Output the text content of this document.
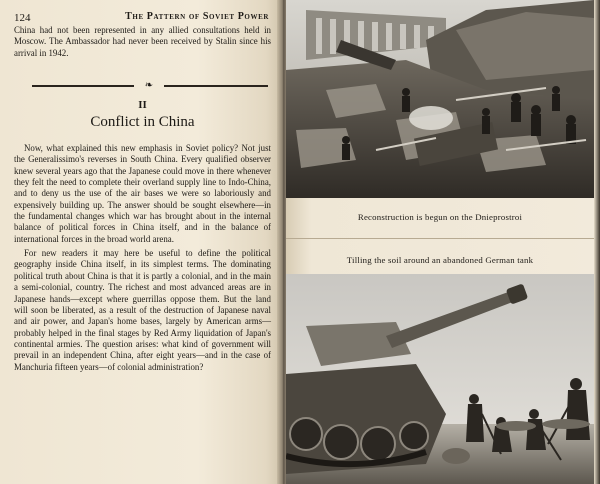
124	The Pattern of Soviet Power

China had not been represented in any allied consultations held in Moscow. The Ambassador had never been received by Stalin since his arrival in 1942.

❧
II
Conflict in China

Now, what explained this new emphasis in Soviet policy? Not just the Generalissimo's reverses in South China. Every qualified observer knew several years ago that the Japanese could move in there whenever they felt the need to complete their overland supply line to Indo-China, and to deny us the use of the air bases we were so laboriously and expensively building up. The answer should be sought elsewhere—in the fundamental changes which war has brought about in the internal balance of political forces in China itself, and in the balance of international forces in the broad world arena.

For new readers it may here be useful to define the political geography inside China itself, in its simplest terms. The dominating political truth about China is that it is partly a colonial, and in the main a semi-colonial, country. The richest and most advanced areas are in Japanese hands—except where guerrillas oppose them. But the land will soon be liberated, as a result of the destruction of Japanese naval and air power, and Japan's home bases, largely by American arms—probably helped in the final stages by Red Army liquidation of Japan's continental armies. The question arises: what kind of government will prevail in an independent China, after eight years—and in the case of Manchuria fifteen years—of colonial administration?

Reconstruction is begun on the Dnieprostroi
Tilling the soil around an abandoned German tank
